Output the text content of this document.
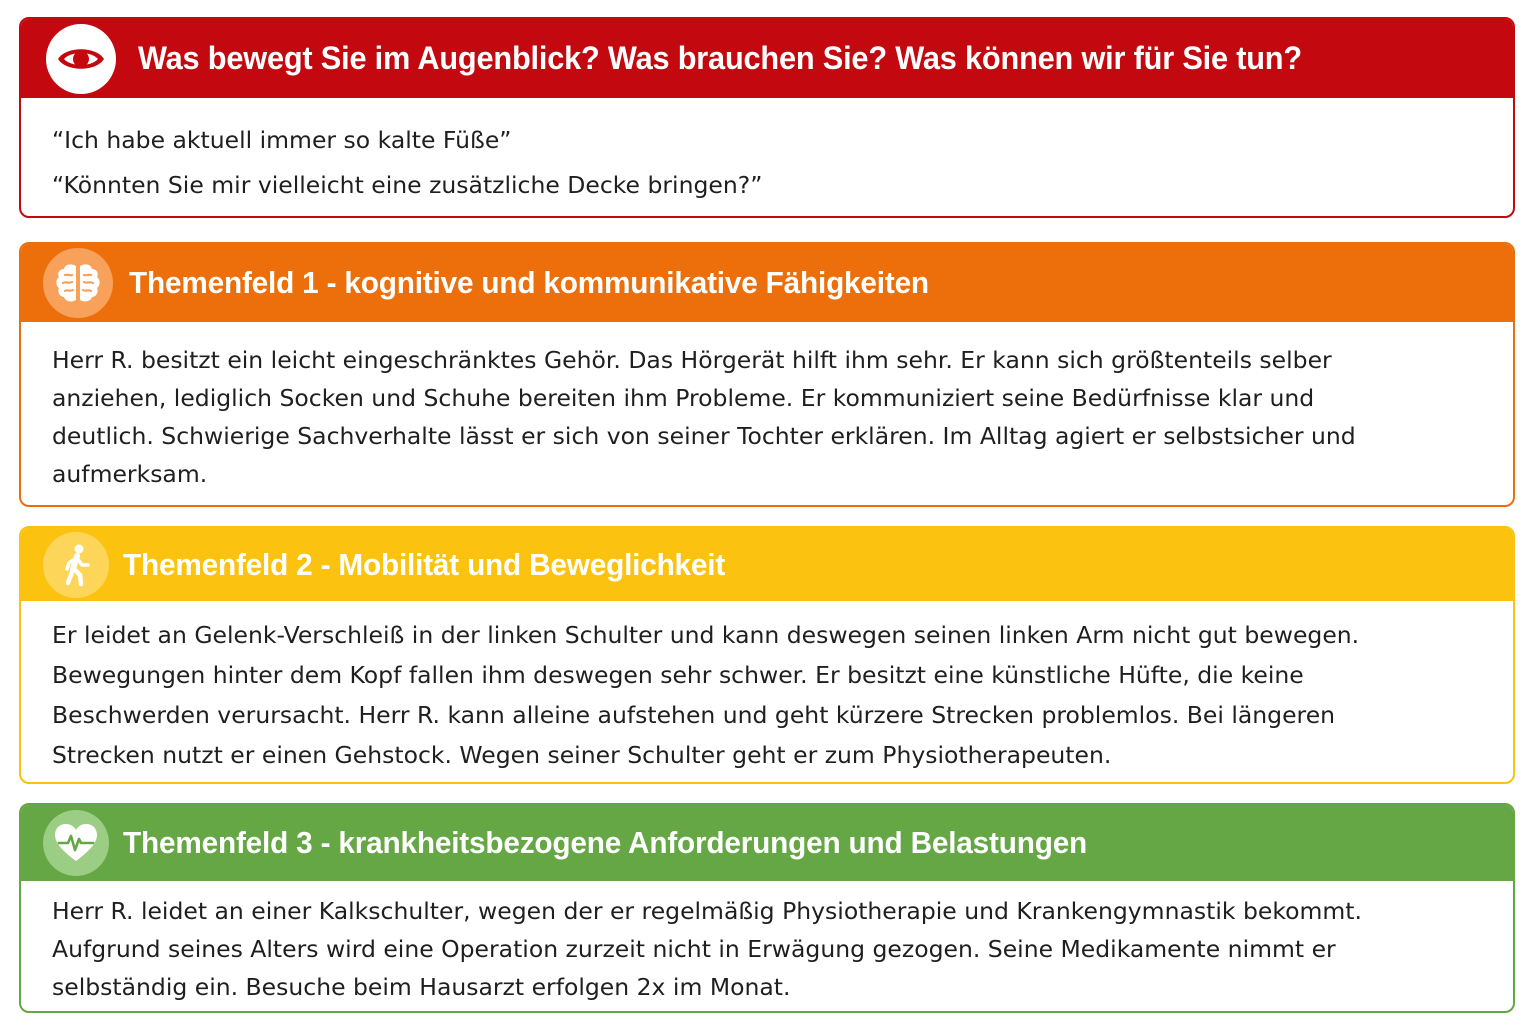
Was bewegt Sie im Augenblick? Was brauchen Sie? Was können wir für Sie tun?

“Ich habe aktuell immer so kalte Füße”

“Könnten Sie mir vielleicht eine zusätzliche Decke bringen?”

Themenfeld 1 - kognitive und kommunikative Fähigkeiten

Herr R. besitzt ein leicht eingeschränktes Gehör. Das Hörgerät hilft ihm sehr. Er kann sich größtenteils selber

anziehen, lediglich Socken und Schuhe bereiten ihm Probleme. Er kommuniziert seine Bedürfnisse klar und

deutlich. Schwierige Sachverhalte lässt er sich von seiner Tochter erklären. Im Alltag agiert er selbstsicher und

aufmerksam.

Themenfeld 2 - Mobilität und Beweglichkeit

Er leidet an Gelenk-Verschleiß in der linken Schulter und kann deswegen seinen linken Arm nicht gut bewegen.

Bewegungen hinter dem Kopf fallen ihm deswegen sehr schwer. Er besitzt eine künstliche Hüfte, die keine

Beschwerden verursacht. Herr R. kann alleine aufstehen und geht kürzere Strecken problemlos. Bei längeren

Strecken nutzt er einen Gehstock. Wegen seiner Schulter geht er zum Physiotherapeuten.

Themenfeld 3 - krankheitsbezogene Anforderungen und Belastungen

Herr R. leidet an einer Kalkschulter, wegen der er regelmäßig Physiotherapie und Krankengymnastik bekommt.

Aufgrund seines Alters wird eine Operation zurzeit nicht in Erwägung gezogen. Seine Medikamente nimmt er

selbständig ein. Besuche beim Hausarzt erfolgen 2x im Monat.
